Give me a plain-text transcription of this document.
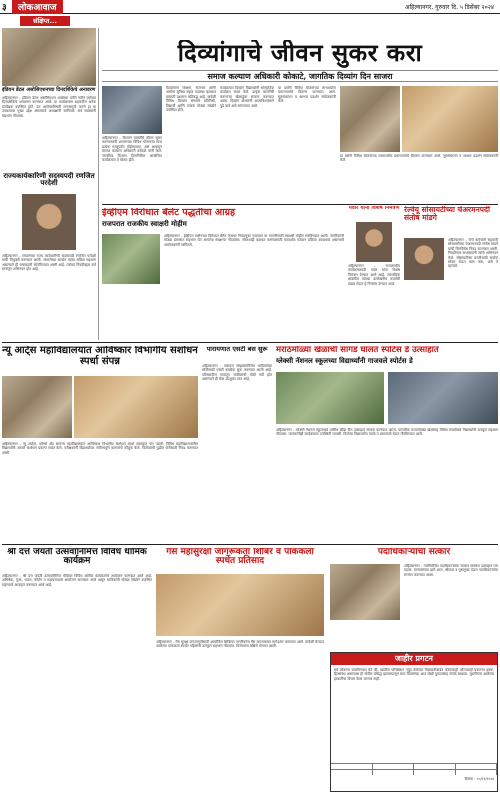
३	लोकआवाज	अहिल्यानगर, गुरुवार दि. ५ डिसेंबर २०२४
संक्षिप्त...
इंडियन डेंटल असोसिएशनच्या दिनदर्शिकेचे अनावरण
अहिल्यानगर - इंडियन डेंटल असोसिएशन शाखेच्या वतीने नवीन वर्षाच्या दिनदर्शिकेचे अनावरण करण्यात आले. या कार्यक्रमास शहरातील अनेक दंतवैद्यक उपस्थित होते. दंत आरोग्याविषयी जनजागृती करणे हा या उपक्रमाचा मुख्य उद्देश असल्याचे अध्यक्षांनी सांगितले. सर्व सदस्यांनी सहभाग नोंदवला.
दिव्यांगाचे जीवन सुकर करा
समाज कल्याण अधिकारी कोकाटे, जागतिक दिव्यांग दिन साजरा
अहिल्यानगर - दिव्यांग व्यक्तींचे जीवन सुकर करण्यासाठी शासनाच्या विविध योजनांचा लाभ प्रत्येक गरजूपर्यंत पोहोचवावा, असे आवाहन समाज कल्याण अधिकारी कोकाटे यांनी केले. जागतिक दिव्यांग दिनानिमित्त आयोजित कार्यक्रमात ते बोलत होते.
दिव्यांगांना शिक्षण, रोजगार आणि आरोग्य सुविधा सहज उपलब्ध व्हाव्यात यासाठी प्रशासन कटिबद्ध आहे. यावेळी विविध दिव्यांग संस्थांचे प्रतिनिधी, विद्यार्थी आणि पालक मोठ्या संख्येने उपस्थित होते.
कार्यक्रमात दिव्यांग विद्यार्थ्यांनी सांस्कृतिक कार्यक्रम सादर केले. उत्कृष्ट कामगिरी करणाऱ्या खेळाडूंचा सत्कार करण्यात आला. दिव्यांग बांधवांनी आत्मविश्वासाने पुढे यावे असे सांगण्यात आले.
या प्रसंगी विविध योजनांच्या लाभार्थ्यांना प्रमाणपत्रांचे वितरण करण्यात आले. सूत्रसंचालन व आभार प्रदर्शन संयोजकांनी केले.
या प्रसंगी विविध योजनांच्या लाभार्थ्यांना प्रमाणपत्रांचे वितरण करण्यात आले. सूत्रसंचालन व आभार प्रदर्शन संयोजकांनी केले.
पवार यांना विशेष निमंत्रण
अहिल्यानगर - राज्यस्तरीय कार्यक्रमासाठी पवार यांना विशेष निमंत्रण देण्यात आले आहे. सामाजिक क्षेत्रातील त्यांच्या उल्लेखनीय कार्याची दखल घेऊन हे निमंत्रण देण्यात आले.
रेल्वेयू सोसायटीच्या चेअरमनपदी संतोष मांडगे
अहिल्यानगर - रेल्वे कर्मचारी सहकारी सोसायटीच्या चेअरमनपदी संतोष मांडगे यांची बिनविरोध निवड करण्यात आली. निवडीनंतर सभासदांनी त्यांचे अभिनंदन केले. सोसायटीच्या प्रगतीसाठी सर्वांना सोबत घेऊन काम करू, असे ते म्हणाले.
ईव्हीएम विरोधात बॅलेट पद्धतीचा आग्रह
राजपरात राजकीय स्वाक्षरी मोहीम
अहिल्यानगर - ईव्हीएम मशीनच्या विरोधात बॅलेट पेपरवर निवडणुका घ्याव्यात या मागणीसाठी स्वाक्षरी मोहीम राबविण्यात आली. नागरिकांनी मोठ्या प्रमाणात सहभाग घेत आपल्या स्वाक्षऱ्या नोंदवल्या. लोकशाही बळकट करण्यासाठी पारदर्शक मतदान प्रक्रिया आवश्यक असल्याचे आयोजकांनी सांगितले.
राज्यकार्यकारिणी सदस्यपदी रणजित परदेशी
अहिल्यानगर - संघटनेच्या राज्य कार्यकारिणी सदस्यपदी रणजित परदेशी यांची नियुक्ती करण्यात आली. संघटनेच्या कार्यात त्यांचा सक्रिय सहभाग असल्याने ही जबाबदारी सोपविण्यात आली आहे. त्यांच्या निवडीबद्दल सर्व स्तरांतून अभिनंदन होत आहे.
न्यू आर्ट्स महाविद्यालयात आविष्कार विभागीय संशोधन स्पर्धा संपन्न
अहिल्यानगर - न्यू आर्ट्स, कॉमर्स अँड सायन्स महाविद्यालयात आविष्कार विभागीय संशोधन स्पर्धा उत्साहात पार पडली. विविध महाविद्यालयांतील विद्यार्थ्यांनी आपले संशोधन प्रकल्प सादर केले. परीक्षकांनी विद्यार्थ्यांच्या नाविन्यपूर्ण कल्पनांचे कौतुक केले. विजेत्यांची पुढील फेरीसाठी निवड करण्यात आली.
पारायणात एसटी बस सुरू
अहिल्यानगर - पारायण सोहळ्यानिमित्त भाविकांच्या सोयीसाठी एसटी बससेवा सुरू करण्यात आली आहे. परिसरातील गावांतून भाविकांची मोठी गर्दी होत असल्याने ही सेवा उपयुक्त ठरत आहे.
मराठमोळ्या खेळांची सांगड घालत स्पोर्टस डे उत्साहात
ग्लेक्सी नॅशनल स्कूलच्या विद्यार्थ्यांनी गाजवले स्पोर्टस डे
अहिल्यानगर - ग्लेक्सी नॅशनल स्कूलमध्ये वार्षिक क्रीडा दिन उत्साहात साजरा करण्यात आला. पारंपरिक मराठमोळ्या खेळांसह विविध स्पर्धांमध्ये विद्यार्थ्यांनी उत्स्फूर्त सहभाग नोंदवला. पालकांनीही कार्यक्रमास उपस्थिती लावली. विजेत्या विद्यार्थ्यांना पदके व प्रमाणपत्रे देऊन गौरविण्यात आले.
श्री दत्त जयंती उत्सवानिमित्त विविध धार्मिक कार्यक्रम
अहिल्यानगर - श्री दत्त जयंती उत्सवानिमित्त मंदिरात विविध धार्मिक कार्यक्रमांचे आयोजन करण्यात आले आहे. अभिषेक, पूजा, भजन, कीर्तन व महाप्रसादाचे आयोजन करण्यात आले असून भाविकांनी मोठ्या संख्येने उपस्थित राहण्याचे आवाहन करण्यात आले आहे.
गॅस महासुरक्षा जागरूकता शिबिर व पाककला स्पर्धेत प्रतिसाद
अहिल्यानगर - गॅस सुरक्षा जनजागृतीसाठी आयोजित शिबिरात नागरिकांना गॅस वापराबाबत मार्गदर्शन करण्यात आले. यावेळी घेण्यात आलेल्या पाककला स्पर्धेत महिलांनी उत्स्फूर्त सहभाग नोंदवला. विजेत्यांना बक्षिसे देण्यात आली.
पदाधिकाऱ्यांचा सत्कार
अहिल्यानगर - नवनिर्वाचित पदाधिकाऱ्यांचा सत्कार समारंभ उत्साहात पार पडला. मान्यवरांच्या हस्ते शाल, श्रीफळ व पुष्पगुच्छ देऊन पदाधिकाऱ्यांचा सन्मान करण्यात आला.
जाहीर प्रगटन
सर्व लोकांना कळविण्यात येते की, खालील परिशिष्टात नमूद केलेल्या मिळकतीबाबत कोणाचाही कोणत्याही प्रकारचा हक्क, हितसंबंध असल्यास ही नोटीस प्रसिद्ध झाल्यापासून सात दिवसांच्या आत लेखी पुराव्यांसह संपर्क साधावा. मुदतीनंतर आलेल्या हरकतींचा विचार केला जाणार नाही.
दिनांक : ०५/१२/२०२४
